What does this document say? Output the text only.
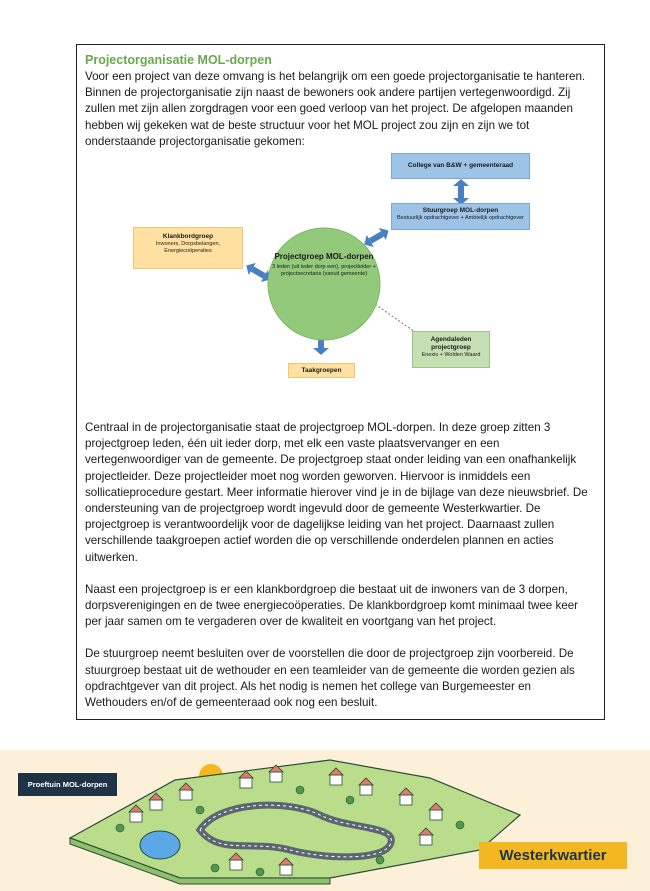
Projectorganisatie MOL-dorpen

Voor een project van deze omvang is het belangrijk om een goede projectorganisatie te hanteren. Binnen de projectorganisatie zijn naast de bewoners ook andere partijen vertegenwoordigd. Zij zullen met zijn allen zorgdragen voor een goed verloop van het project. De afgelopen maanden hebben wij gekeken wat de beste structuur voor het MOL project zou zijn en zijn we tot onderstaande projectorganisatie gekomen:

College van B&W + gemeenteraad
Stuurgroep MOL-dorpen
Bestuurlijk opdrachtgever + Ambtelijk opdrachtgever
Klankbordgroep
Inwoners, Dorpsbelangen, Energiecoöperaties
Projectgroep MOL-dorpen
3 leden (uit ieder dorp een), projectleider + projectsecretaris (vanuit gemeente)
Agendaleden projectgroep
Enexis + Wolden Waard
Taakgroepen

Centraal in de projectorganisatie staat de projectgroep MOL-dorpen. In deze groep zitten 3 projectgroep leden, één uit ieder dorp, met elk een vaste plaatsvervanger en een vertegenwoordiger van de gemeente. De projectgroep staat onder leiding van een onafhankelijk projectleider. Deze projectleider moet nog worden geworven. Hiervoor is inmiddels een sollicatieprocedure gestart. Meer informatie hierover vind je in de bijlage van deze nieuwsbrief. De ondersteuning van de projectgroep wordt ingevuld door de gemeente Westerkwartier. De projectgroep is verantwoordelijk voor de dagelijkse leiding van het project. Daarnaast zullen verschillende taakgroepen actief worden die op verschillende onderdelen plannen en acties uitwerken.

Naast een projectgroep is er een klankbordgroep die bestaat uit de inwoners van de 3 dorpen, dorpsverenigingen en de twee energiecoöperaties. De klankbordgroep komt minimaal twee keer per jaar samen om te vergaderen over de kwaliteit en voortgang van het project.

De stuurgroep neemt besluiten over de voorstellen die door de projectgroep zijn voorbereid. De stuurgroep bestaat uit de wethouder en een teamleider van de gemeente die worden gezien als opdrachtgever van dit project. Als het nodig is nemen het college van Burgemeester en Wethouders en/of de gemeenteraad ook nog een besluit.

Proeftuin MOL-dorpen
Westerkwartier
